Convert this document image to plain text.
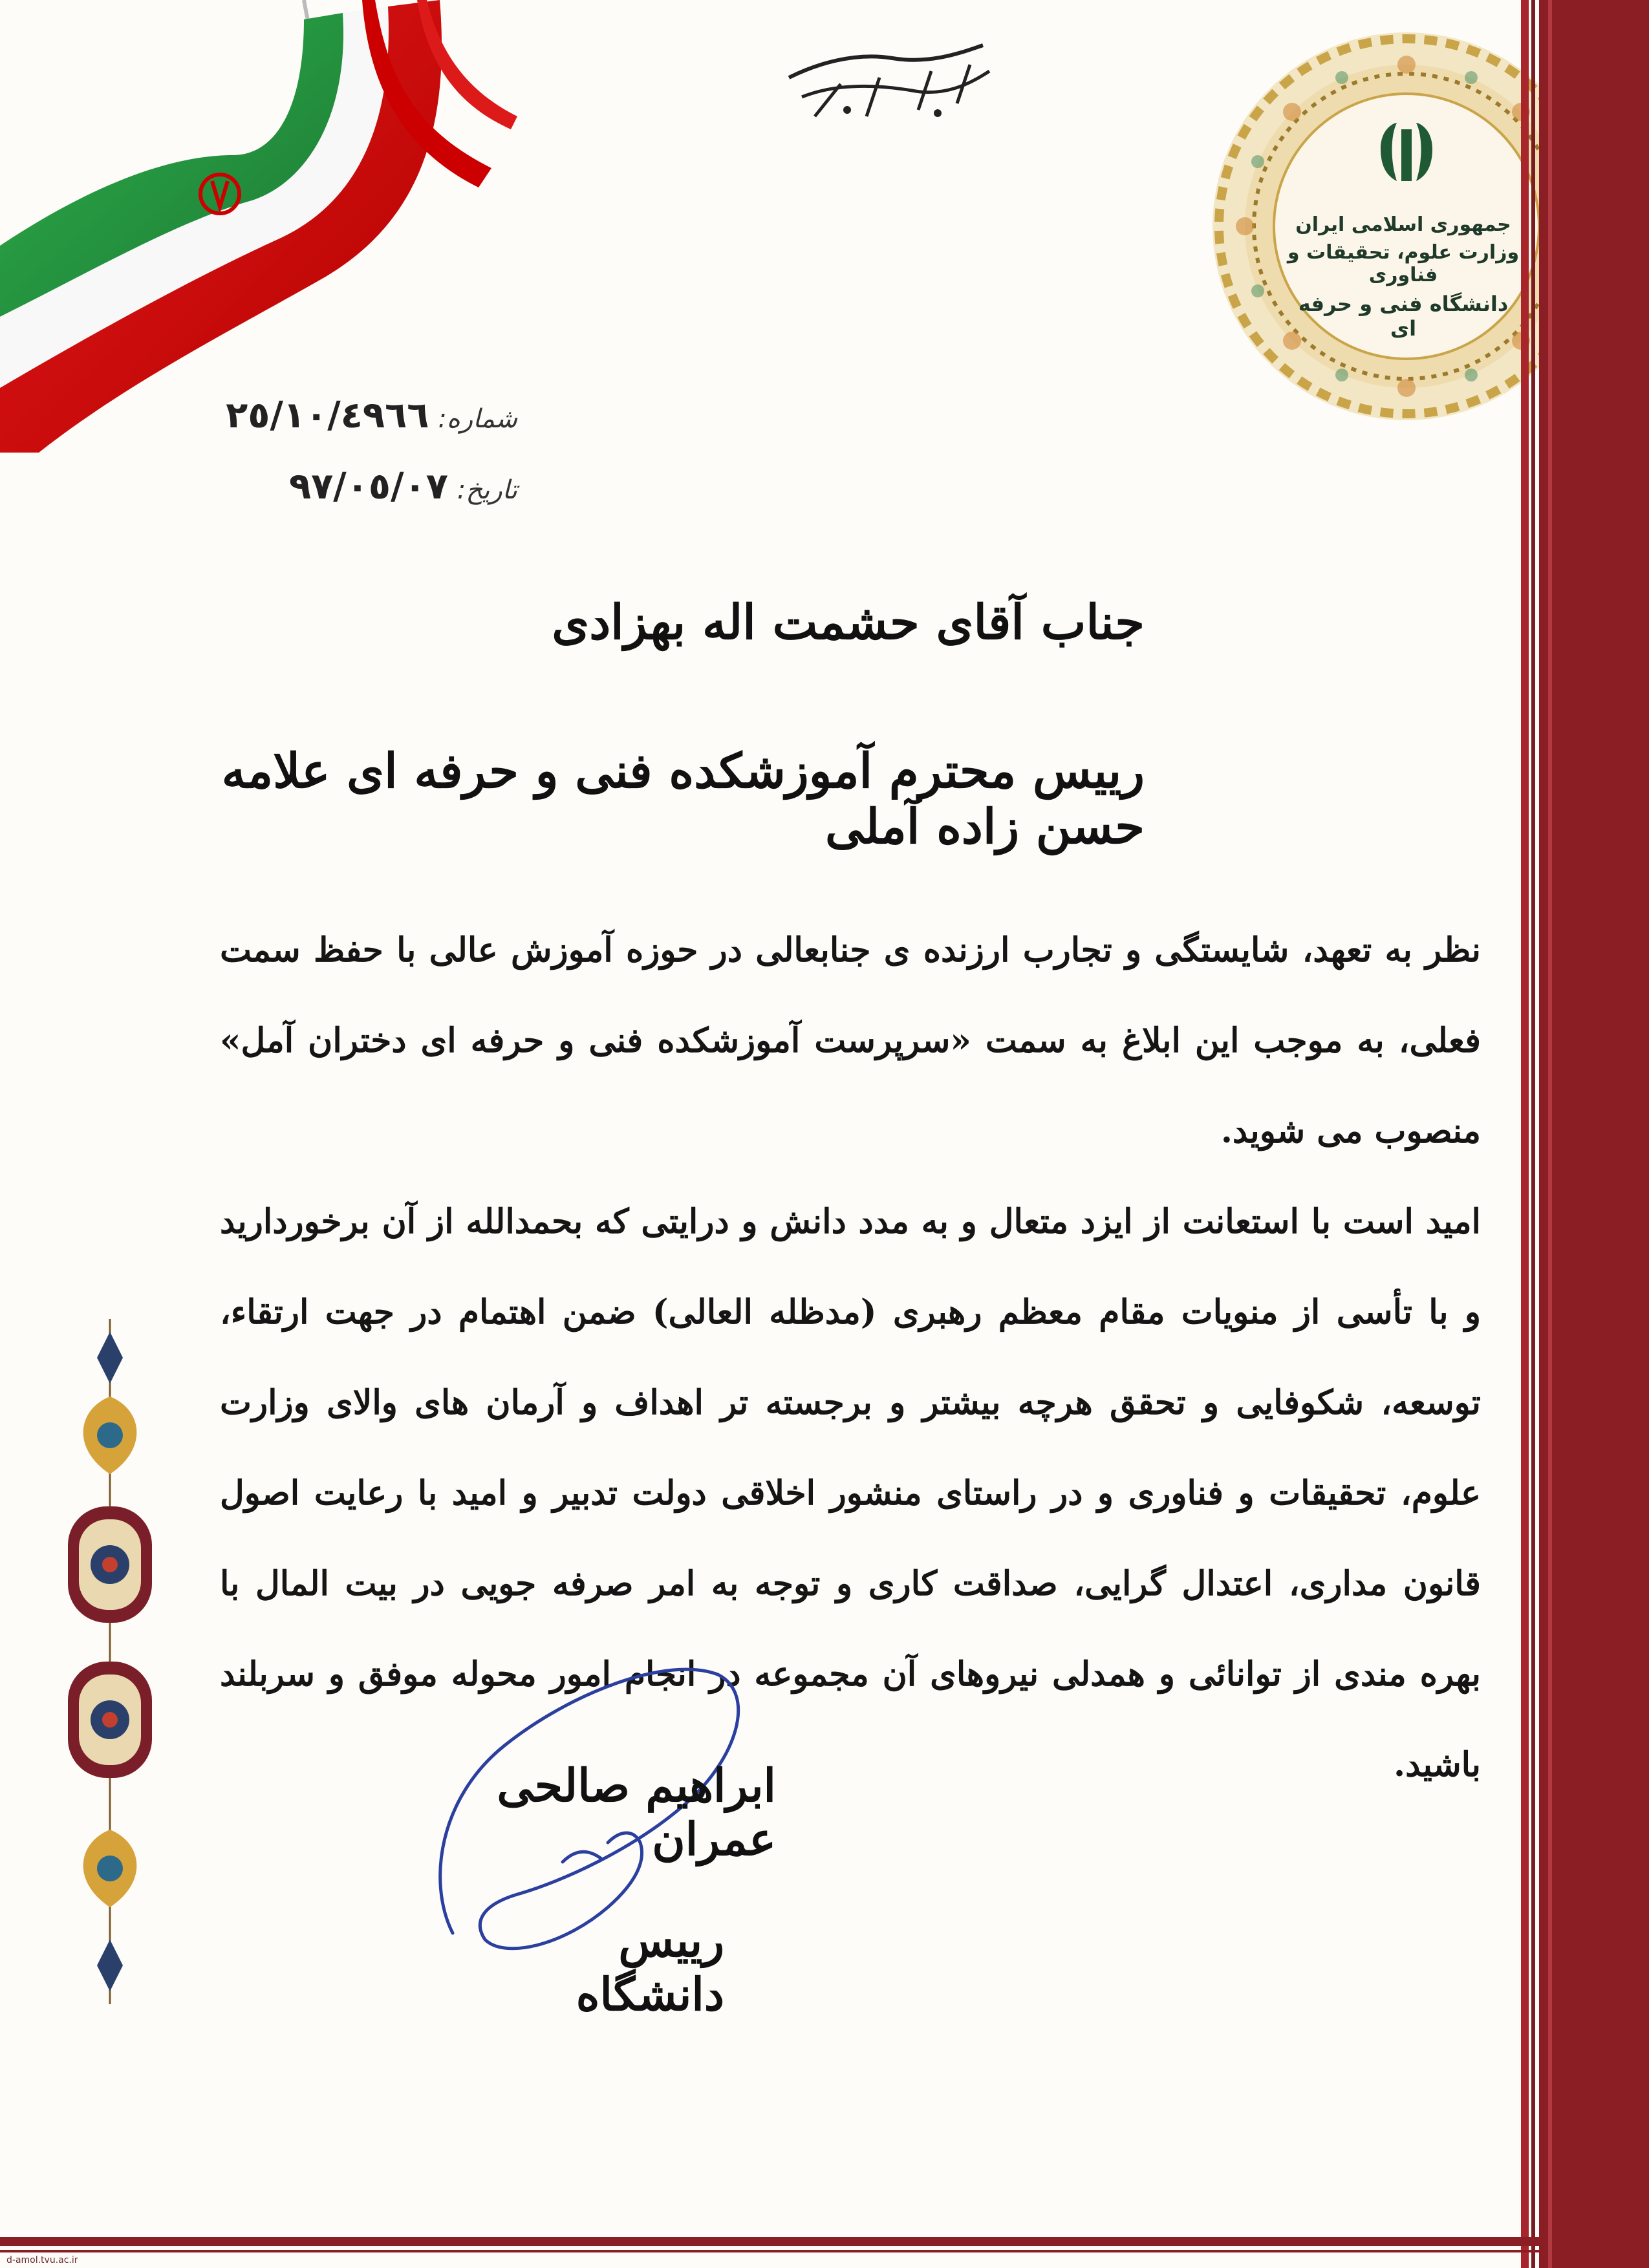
جمهوری اسلامی ایران
وزارت علوم، تحقیقات و فناوری
دانشگاه فنی و حرفه ای
شماره:
٢٥/١٠/٤٩٦٦
تاریخ:
٩٧/٠٥/٠٧
جناب آقای حشمت اله بهزادی
رییس محترم آموزشکده فنی و حرفه ای علامه حسن زاده آملی

نظر به تعهد، شایستگی و تجارب ارزنده ی جنابعالی در حوزه آموزش عالی با حفظ سمت فعلی، به موجب این ابلاغ به سمت «سرپرست آموزشکده فنی و حرفه ای دختران آمل» منصوب می شوید.

امید است با استعانت از ایزد متعال و به مدد دانش و درایتی که بحمدالله از آن برخوردارید و با تأسی از منویات مقام معظم رهبری (مدظله العالی) ضمن اهتمام در جهت ارتقاء، توسعه، شکوفایی و تحقق هرچه بیشتر و برجسته تر اهداف و آرمان های والای وزارت علوم، تحقیقات و فناوری و در راستای منشور اخلاقی دولت تدبیر و امید با رعایت اصول قانون مداری، اعتدال گرایی، صداقت کاری و توجه به امر صرفه جویی در بیت المال با بهره مندی از توانائی و همدلی نیروهای آن مجموعه در انجام امور محوله موفق و سربلند باشید.

ابراهیم صالحی عمران
رییس دانشگاه
d-amol.tvu.ac.ir
